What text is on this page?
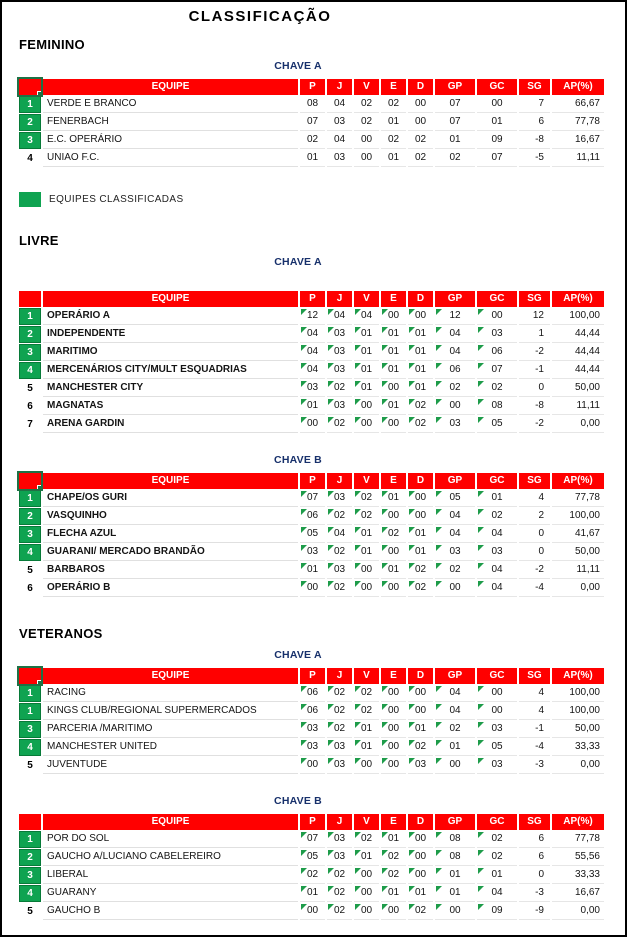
CLASSIFICAÇÃO
FEMININO
CHAVE A
	EQUIPE	P	J	V	E	D	GP	GC	SG	AP(%)
1	VERDE E BRANCO	08	04	02	02	00	07	00	7	66,67
2	FENERBACH	07	03	02	01	00	07	01	6	77,78
3	E.C. OPERÁRIO	02	04	00	02	02	01	09	-8	16,67
4	UNIAO F.C.	01	03	00	01	02	02	07	-5	11,11
EQUIPES CLASSIFICADAS
LIVRE
CHAVE A
	EQUIPE	P	J	V	E	D	GP	GC	SG	AP(%)
1	OPERÁRIO A	12	04	04	00	00	12	00	12	100,00
2	INDEPENDENTE	04	03	01	01	01	04	03	1	44,44
3	MARITIMO	04	03	01	01	01	04	06	-2	44,44
4	MERCENÁRIOS CITY/MULT ESQUADRIAS	04	03	01	01	01	06	07	-1	44,44
5	MANCHESTER CITY	03	02	01	00	01	02	02	0	50,00
6	MAGNATAS	01	03	00	01	02	00	08	-8	11,11
7	ARENA GARDIN	00	02	00	00	02	03	05	-2	0,00
CHAVE B
	EQUIPE	P	J	V	E	D	GP	GC	SG	AP(%)
1	CHAPE/OS GURI	07	03	02	01	00	05	01	4	77,78
2	VASQUINHO	06	02	02	00	00	04	02	2	100,00
3	FLECHA AZUL	05	04	01	02	01	04	04	0	41,67
4	GUARANI/ MERCADO BRANDÃO	03	02	01	00	01	03	03	0	50,00
5	BARBAROS	01	03	00	01	02	02	04	-2	11,11
6	OPERÁRIO B	00	02	00	00	02	00	04	-4	0,00
VETERANOS
CHAVE A
	EQUIPE	P	J	V	E	D	GP	GC	SG	AP(%)
1	RACING	06	02	02	00	00	04	00	4	100,00
1	KINGS CLUB/REGIONAL SUPERMERCADOS	06	02	02	00	00	04	00	4	100,00
3	PARCERIA /MARITIMO	03	02	01	00	01	02	03	-1	50,00
4	MANCHESTER UNITED	03	03	01	00	02	01	05	-4	33,33
5	JUVENTUDE	00	03	00	00	03	00	03	-3	0,00
CHAVE B
	EQUIPE	P	J	V	E	D	GP	GC	SG	AP(%)
1	POR DO SOL	07	03	02	01	00	08	02	6	77,78
2	GAUCHO A/LUCIANO CABELEREIRO	05	03	01	02	00	08	02	6	55,56
3	LIBERAL	02	02	00	02	00	01	01	0	33,33
4	GUARANY	01	02	00	01	01	01	04	-3	16,67
5	GAUCHO B	00	02	00	00	02	00	09	-9	0,00
